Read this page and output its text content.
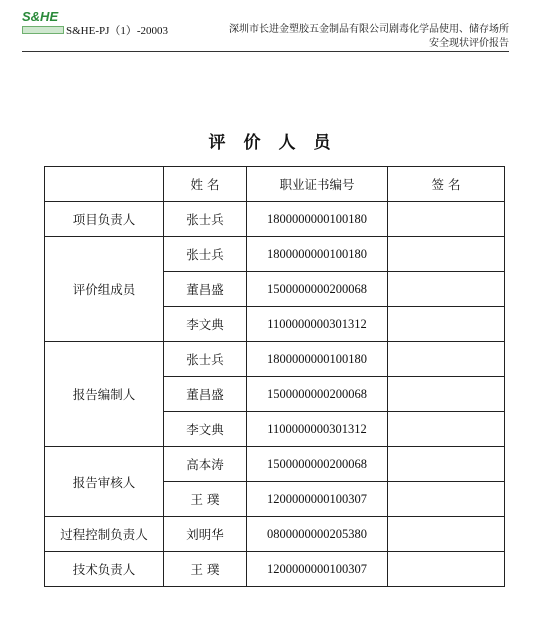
S&HE
S&HE-PJ（1）-20003	深圳市长进金塑胶五金制品有限公司剧毒化学品使用、储存场所
安全现状评价报告
评价人员
	姓 名	职业证书编号	签 名
项目负责人	张士兵	1800000000100180	
评价组成员	张士兵	1800000000100180	
	董昌盛	1500000000200068	
	李文典	1100000000301312	
报告编制人	张士兵	1800000000100180	
	董昌盛	1500000000200068	
	李文典	1100000000301312	
报告审核人	高本涛	1500000000200068	
	王 璞	1200000000100307	
过程控制负责人	刘明华	0800000000205380	
技术负责人	王 璞	1200000000100307	
